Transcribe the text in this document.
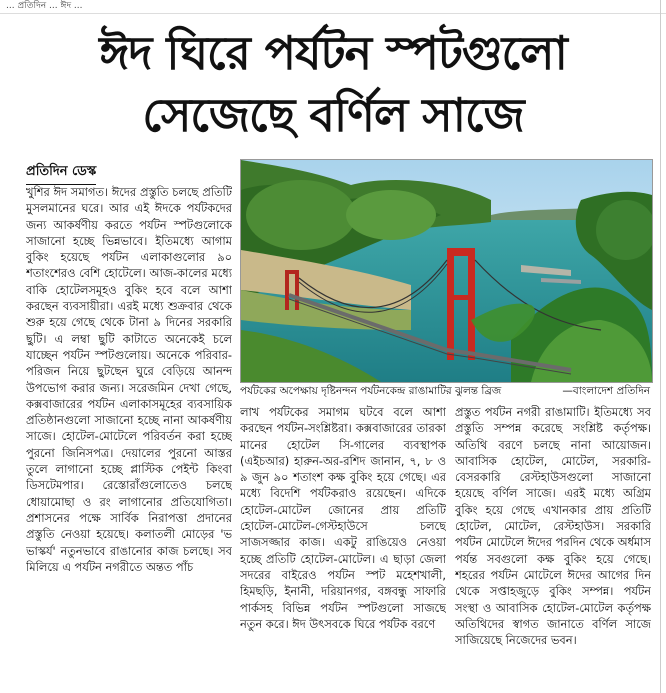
... প্রতিদিন ... ঈদ ...
ঈদ ঘিরে পর্যটন স্পটগুলো
সেজেছে বর্ণিল সাজে
প্রতিদিন ডেস্ক
খুশির ঈদ সমাগত। ঈদের প্রস্তুতি চলছে প্রতিটি মুসলমানের ঘরে। আর এই ঈদকে পর্যটকদের জন্য আকর্ষণীয় করতে পর্যটন স্পটগুলোকে সাজানো হচ্ছে ভিন্নভাবে। ইতিমধ্যে আগাম বুকিং হয়েছে পর্যটন এলাকাগুলোর ৯০ শতাংশেরও বেশি হোটেলে। আজ-কালের মধ্যে বাকি হোটেলসমূহও বুকিং হবে বলে আশা করছেন ব্যবসায়ীরা। এরই মধ্যে শুক্রবার থেকে শুরু হয়ে গেছে থেকে টানা ৯ দিনের সরকারি ছুটি। এ লম্বা ছুটি কাটাতে অনেকেই চলে যাচ্ছেন পর্যটন স্পটগুলোয়। অনেকে পরিবার-পরিজন নিয়ে ছুটছেন ঘুরে বেড়িয়ে আনন্দ উপভোগ করার জন্য। সরেজমিন দেখা গেছে, কক্সবাজারের পর্যটন এলাকাসমূহের ব্যবসায়িক প্রতিষ্ঠানগুলো সাজানো হচ্ছে নানা আকর্ষণীয় সাজে। হোটেল-মোটেলে পরিবর্তন করা হচ্ছে পুরনো জিনিসপত্র। দেয়ালের পুরনো আস্তর তুলে লাগানো হচ্ছে প্লাস্টিক পেইন্ট কিংবা ডিসটেমপার। রেস্তোরাঁগুলোতেও চলছে ধোয়ামোছা ও রং লাগানোর প্রতিযোগিতা। প্রশাসনের পক্ষে সার্বিক নিরাপত্তা প্রদানের প্রস্তুতি নেওয়া হয়েছে। কলাতলী মোড়ের 'ভ ভাস্কর্য' নতুনভাবে রাঙানোর কাজ চলছে। সব মিলিয়ে এ পর্যটন নগরীতে অন্তত পাঁচ
পর্যটকের অপেক্ষায় দৃষ্টিনন্দন পর্যটনকেন্দ্র রাঙামাটির ঝুলন্ত ব্রিজ	—বাংলাদেশ প্রতিদিন
লাখ পর্যটকের সমাগম ঘটবে বলে আশা করছেন পর্যটন-সংশ্লিষ্টরা। কক্সবাজারের তারকা মানের হোটেল সি-গালের ব্যবস্থাপক (এইচআর) হারুন-অর-রশিদ জানান, ৭, ৮ ও ৯ জুন ৯০ শতাংশ কক্ষ বুকিং হয়ে গেছে। এর মধ্যে বিদেশি পর্যটকরাও রয়েছেন। এদিকে হোটেল-মোটেল জোনের প্রায় প্রতিটি হোটেল-মোটেল-গেস্টহাউসে চলছে সাজসজ্জার কাজ। একটু রাঙিয়েও নেওয়া হচ্ছে প্রতিটি হোটেল-মোটেল। এ ছাড়া জেলা সদরের বাইরেও পর্যটন স্পট মহেশখালী, হিমছড়ি, ইনানী, দরিয়ানগর, বঙ্গবন্ধু সাফারি পার্কসহ বিভিন্ন পর্যটন স্পটগুলো সাজছে নতুন করে। ঈদ উৎসবকে ঘিরে পর্যটক বরণে
প্রস্তুত পর্যটন নগরী রাঙামাটি। ইতিমধ্যে সব প্রস্তুতি সম্পন্ন করেছে সংশ্লিষ্ট কর্তৃপক্ষ। অতিথি বরণে চলছে নানা আয়োজন। আবাসিক হোটেল, মোটেল, সরকারি-বেসরকারি রেস্টহাউসগুলো সাজানো হয়েছে বর্ণিল সাজে। এরই মধ্যে অগ্রিম বুকিং হয়ে গেছে এখানকার প্রায় প্রতিটি হোটেল, মোটেল, রেস্টহাউস। সরকারি পর্যটন মোটেলে ঈদের পরদিন থেকে অর্ধমাস পর্যন্ত সবগুলো কক্ষ বুকিং হয়ে গেছে। শহরের পর্যটন মোটেলে ঈদের আগের দিন থেকে সপ্তাহজুড়ে বুকিং সম্পন্ন। পর্যটন সংস্থা ও আবাসিক হোটেল-মোটেল কর্তৃপক্ষ অতিথিদের স্বাগত জানাতে বর্ণিল সাজে সাজিয়েছে নিজেদের ভবন।
